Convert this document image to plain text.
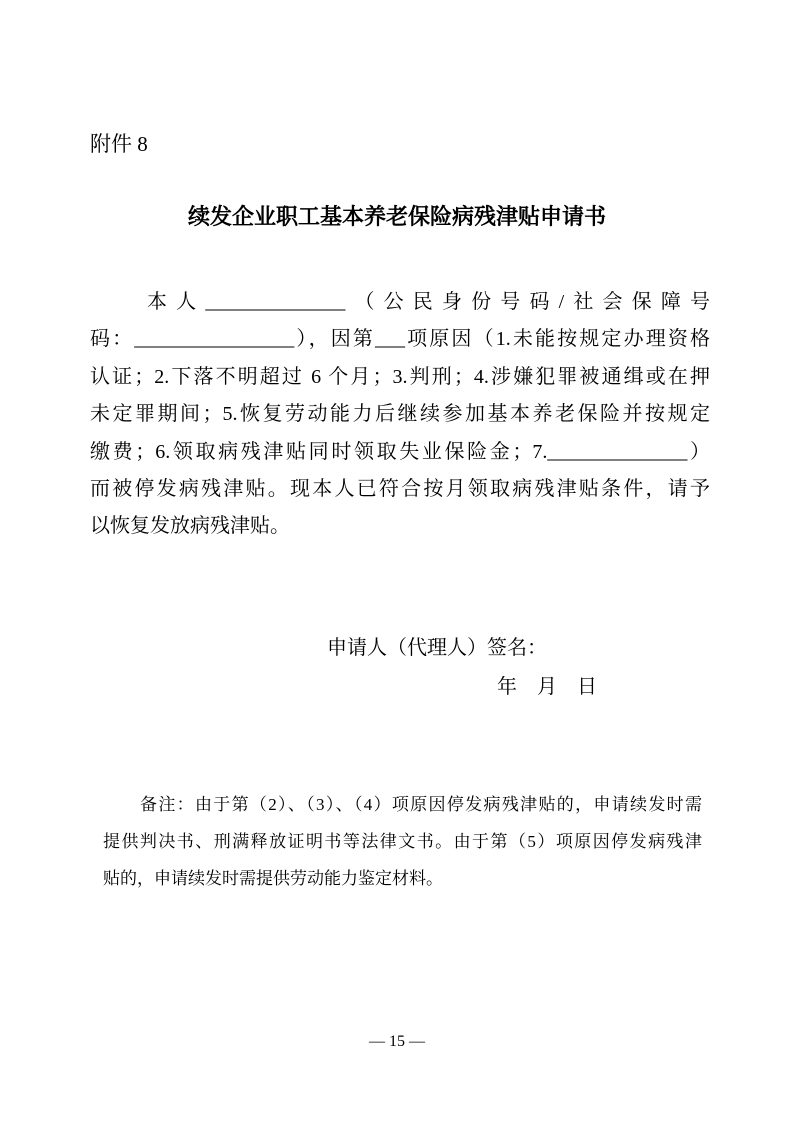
附件 8
续发企业职工基本养老保险病残津贴申请书
本人______________（公民身份号码/社会保障号
码：________________），因第___项原因（1.未能按规定办理资格
认证；2.下落不明超过 6 个月；3.判刑；4.涉嫌犯罪被通缉或在押
未定罪期间；5.恢复劳动能力后继续参加基本养老保险并按规定
缴费；6.领取病残津贴同时领取失业保险金；7.______________）
而被停发病残津贴。现本人已符合按月领取病残津贴条件，请予
以恢复发放病残津贴。
申请人（代理人）签名：
年　月　日
备注：由于第（2）、（3）、（4）项原因停发病残津贴的，申请续发时需
提供判决书、刑满释放证明书等法律文书。由于第（5）项原因停发病残津
贴的，申请续发时需提供劳动能力鉴定材料。
— 15 —
